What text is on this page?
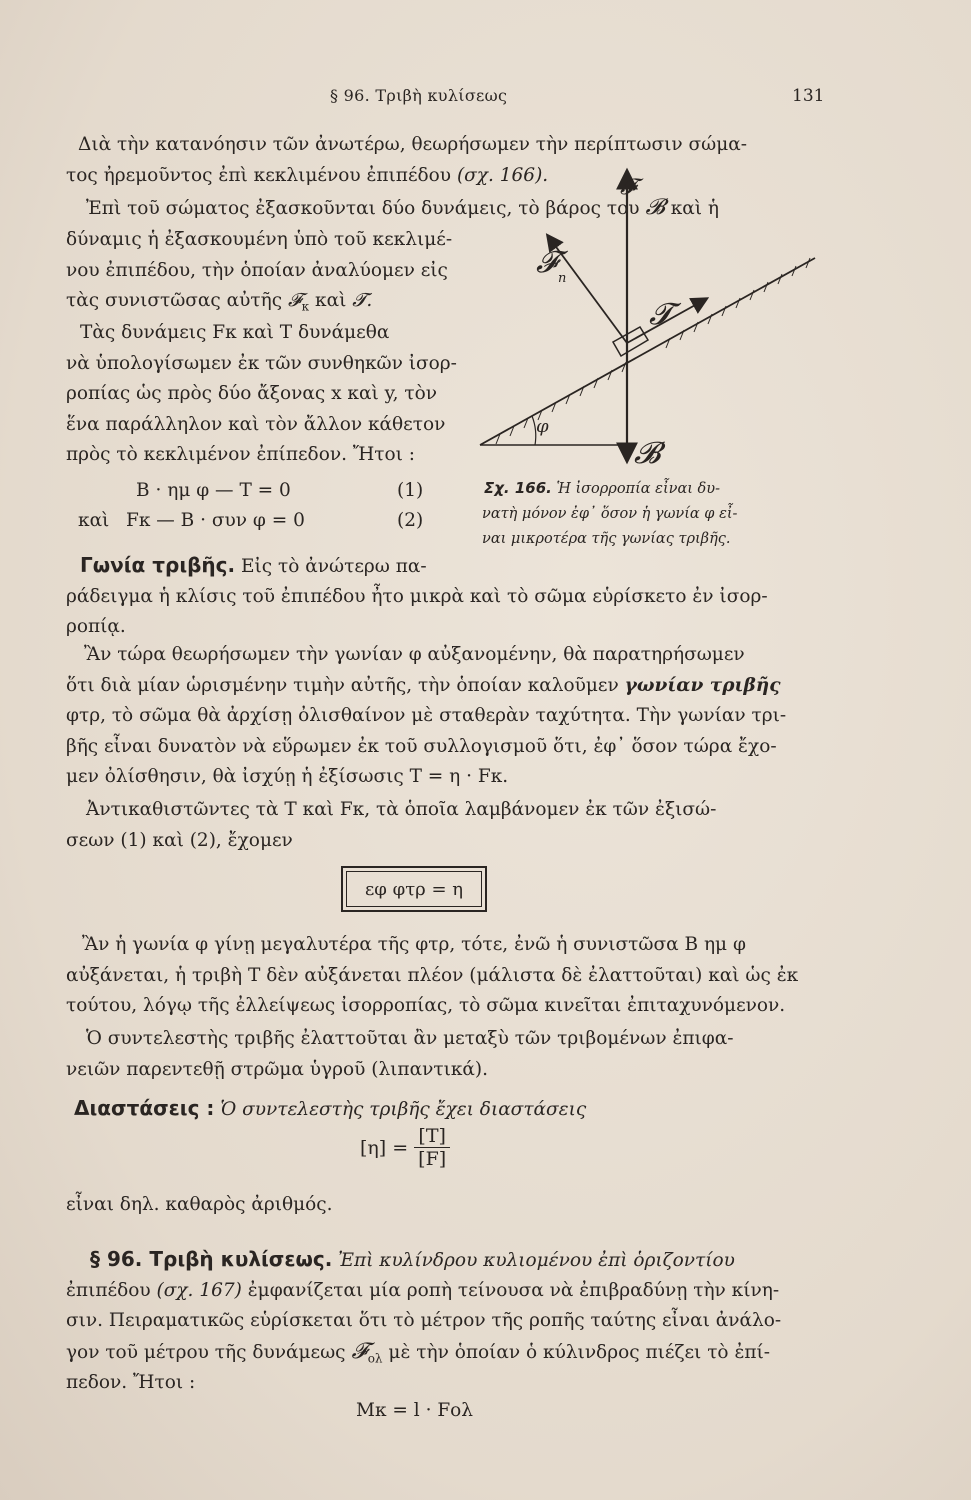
§ 96. Τριβὴ κυλίσεως	131
Διὰ τὴν κατανόησιν τῶν ἀνωτέρω, θεωρήσωμεν τὴν περίπτωσιν σώμα-
τος ἠρεμοῦντος ἐπὶ κεκλιμένου ἐπιπέδου (σχ. 166).
Ἐπὶ τοῦ σώματος ἐξασκοῦνται δύο δυνάμεις, τὸ βάρος του 𝓑 καὶ ἡ
δύναμις ἡ ἐξασκουμένη ὑπὸ τοῦ κεκλιμέ-
νου ἐπιπέδου, τὴν ὁποίαν ἀναλύομεν εἰς
τὰς συνιστῶσας αὐτῆς 𝓕$_\kappa$ καὶ 𝓣.
Τὰς δυνάμεις Fκ καὶ T δυνάμεθα
νὰ ὑπολογίσωμεν ἐκ τῶν συνθηκῶν ἰσορ-
ροπίας ὡς πρὸς δύο ἄξονας x καὶ y, τὸν
ἕνα παράλληλον καὶ τὸν ἄλλον κάθετον
πρὸς τὸ κεκλιμένον ἐπίπεδον. Ἤτοι :
B · ημ φ — T = 0	(1)
καὶ Fκ — B · συν φ = 0	(2)
𝓕 n
𝓕
𝓣
𝓑
φ
Σχ. 166. Ἡ ἰσορροπία εἶναι δυ-
νατὴ μόνον ἐφ᾽ ὅσον ἡ γωνία φ εἶ-
ναι μικροτέρα τῆς γωνίας τριβῆς.
Γωνία τριβῆς. Εἰς τὸ ἀνώτερω πα-
ράδειγμα ἡ κλίσις τοῦ ἐπιπέδου ἦτο μικρὰ καὶ τὸ σῶμα εὑρίσκετο ἐν ἰσορ-
ροπίᾳ.
Ἂν τώρα θεωρήσωμεν τὴν γωνίαν φ αὐξανομένην, θὰ παρατηρήσωμεν
ὅτι διὰ μίαν ὡρισμένην τιμὴν αὐτῆς, τὴν ὁποίαν καλοῦμεν γωνίαν τριβῆς
φτρ, τὸ σῶμα θὰ ἀρχίσῃ ὀλισθαίνον μὲ σταθερὰν ταχύτητα. Τὴν γωνίαν τρι-
βῆς εἶναι δυνατὸν νὰ εὕρωμεν ἐκ τοῦ συλλογισμοῦ ὅτι, ἐφ᾽ ὅσον τώρα ἔχο-
μεν ὀλίσθησιν, θὰ ἰσχύῃ ἡ ἐξίσωσις T = η · Fκ.
Ἀντικαθιστῶντες τὰ T καὶ Fκ, τὰ ὁποῖα λαμβάνομεν ἐκ τῶν ἐξισώ-
σεων (1) καὶ (2), ἔχομεν
εφ φτρ = η
Ἂν ἡ γωνία φ γίνῃ μεγαλυτέρα τῆς φτρ, τότε, ἐνῶ ἡ συνιστῶσα B ημ φ
αὐξάνεται, ἡ τριβὴ T δὲν αὐξάνεται πλέον (μάλιστα δὲ ἐλαττοῦται) καὶ ὡς ἐκ
τούτου, λόγῳ τῆς ἐλλείψεως ἰσορροπίας, τὸ σῶμα κινεῖται ἐπιταχυνόμενον.
Ὁ συντελεστὴς τριβῆς ἐλαττοῦται ἂν μεταξὺ τῶν τριβομένων ἐπιφα-
νειῶν παρεντεθῇ στρῶμα ὑγροῦ (λιπαντικά).
Διαστάσεις : Ὁ συντελεστὴς τριβῆς ἔχει διαστάσεις
$[\eta] = \frac{[T]}{[F]}$
εἶναι δηλ. καθαρὸς ἀριθμός.
§ 96. Τριβὴ κυλίσεως. Ἐπὶ κυλίνδρου κυλιομένου ἐπὶ ὁριζοντίου
ἐπιπέδου (σχ. 167) ἐμφανίζεται μία ροπὴ τείνουσα νὰ ἐπιβραδύνῃ τὴν κίνη-
σιν. Πειραματικῶς εὑρίσκεται ὅτι τὸ μέτρον τῆς ροπῆς ταύτης εἶναι ἀνάλο-
γον τοῦ μέτρου τῆς δυνάμεως 𝓕$_{o\lambda}$ μὲ τὴν ὁποίαν ὁ κύλινδρος πιέζει τὸ ἐπί-
πεδον. Ἤτοι :
Mκ = l · Fολ
